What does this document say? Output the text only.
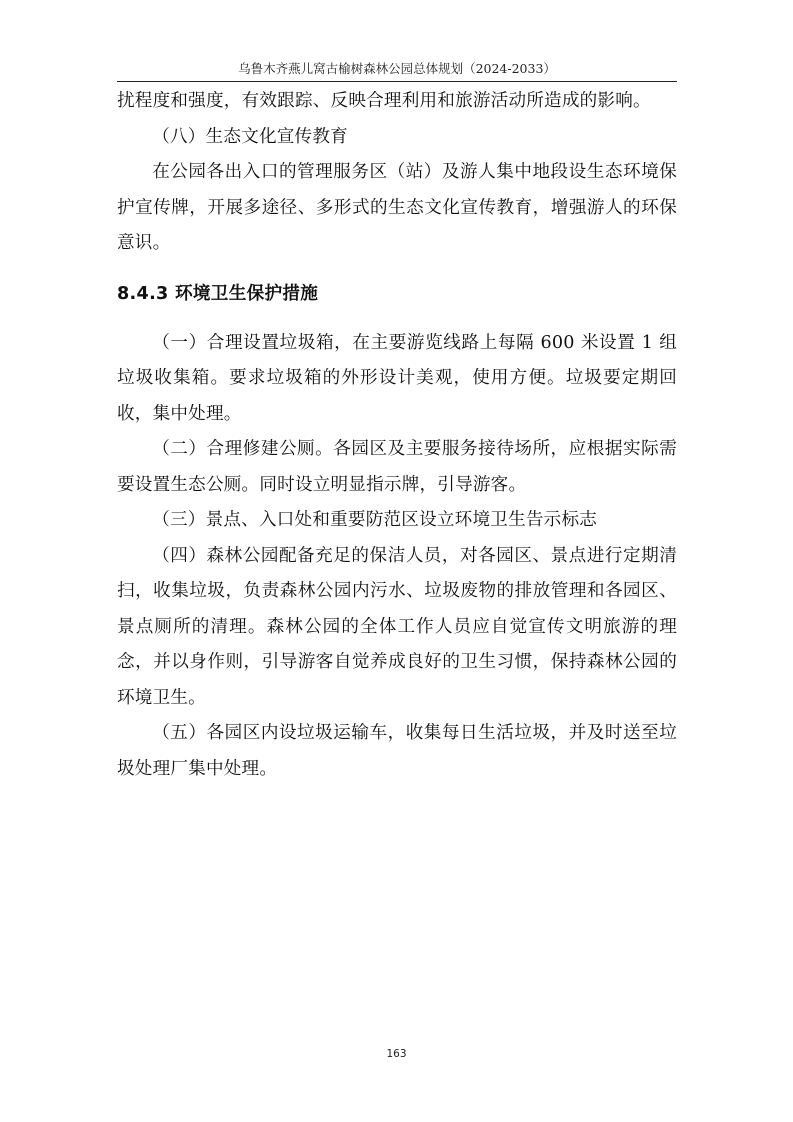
乌鲁木齐燕儿窝古榆树森林公园总体规划（2024-2033）

扰程度和强度，有效跟踪、反映合理利用和旅游活动所造成的影响。

（八）生态文化宣传教育

在公园各出入口的管理服务区（站）及游人集中地段设生态环境保护宣传牌，开展多途径、多形式的生态文化宣传教育，增强游人的环保意识。

8.4.3 环境卫生保护措施

（一）合理设置垃圾箱，在主要游览线路上每隔 600 米设置 1 组垃圾收集箱。要求垃圾箱的外形设计美观，使用方便。垃圾要定期回收，集中处理。

（二）合理修建公厕。各园区及主要服务接待场所，应根据实际需要设置生态公厕。同时设立明显指示牌，引导游客。

（三）景点、入口处和重要防范区设立环境卫生告示标志

（四）森林公园配备充足的保洁人员，对各园区、景点进行定期清扫，收集垃圾，负责森林公园内污水、垃圾废物的排放管理和各园区、景点厕所的清理。森林公园的全体工作人员应自觉宣传文明旅游的理念，并以身作则，引导游客自觉养成良好的卫生习惯，保持森林公园的环境卫生。

（五）各园区内设垃圾运输车，收集每日生活垃圾，并及时送至垃圾处理厂集中处理。

163
